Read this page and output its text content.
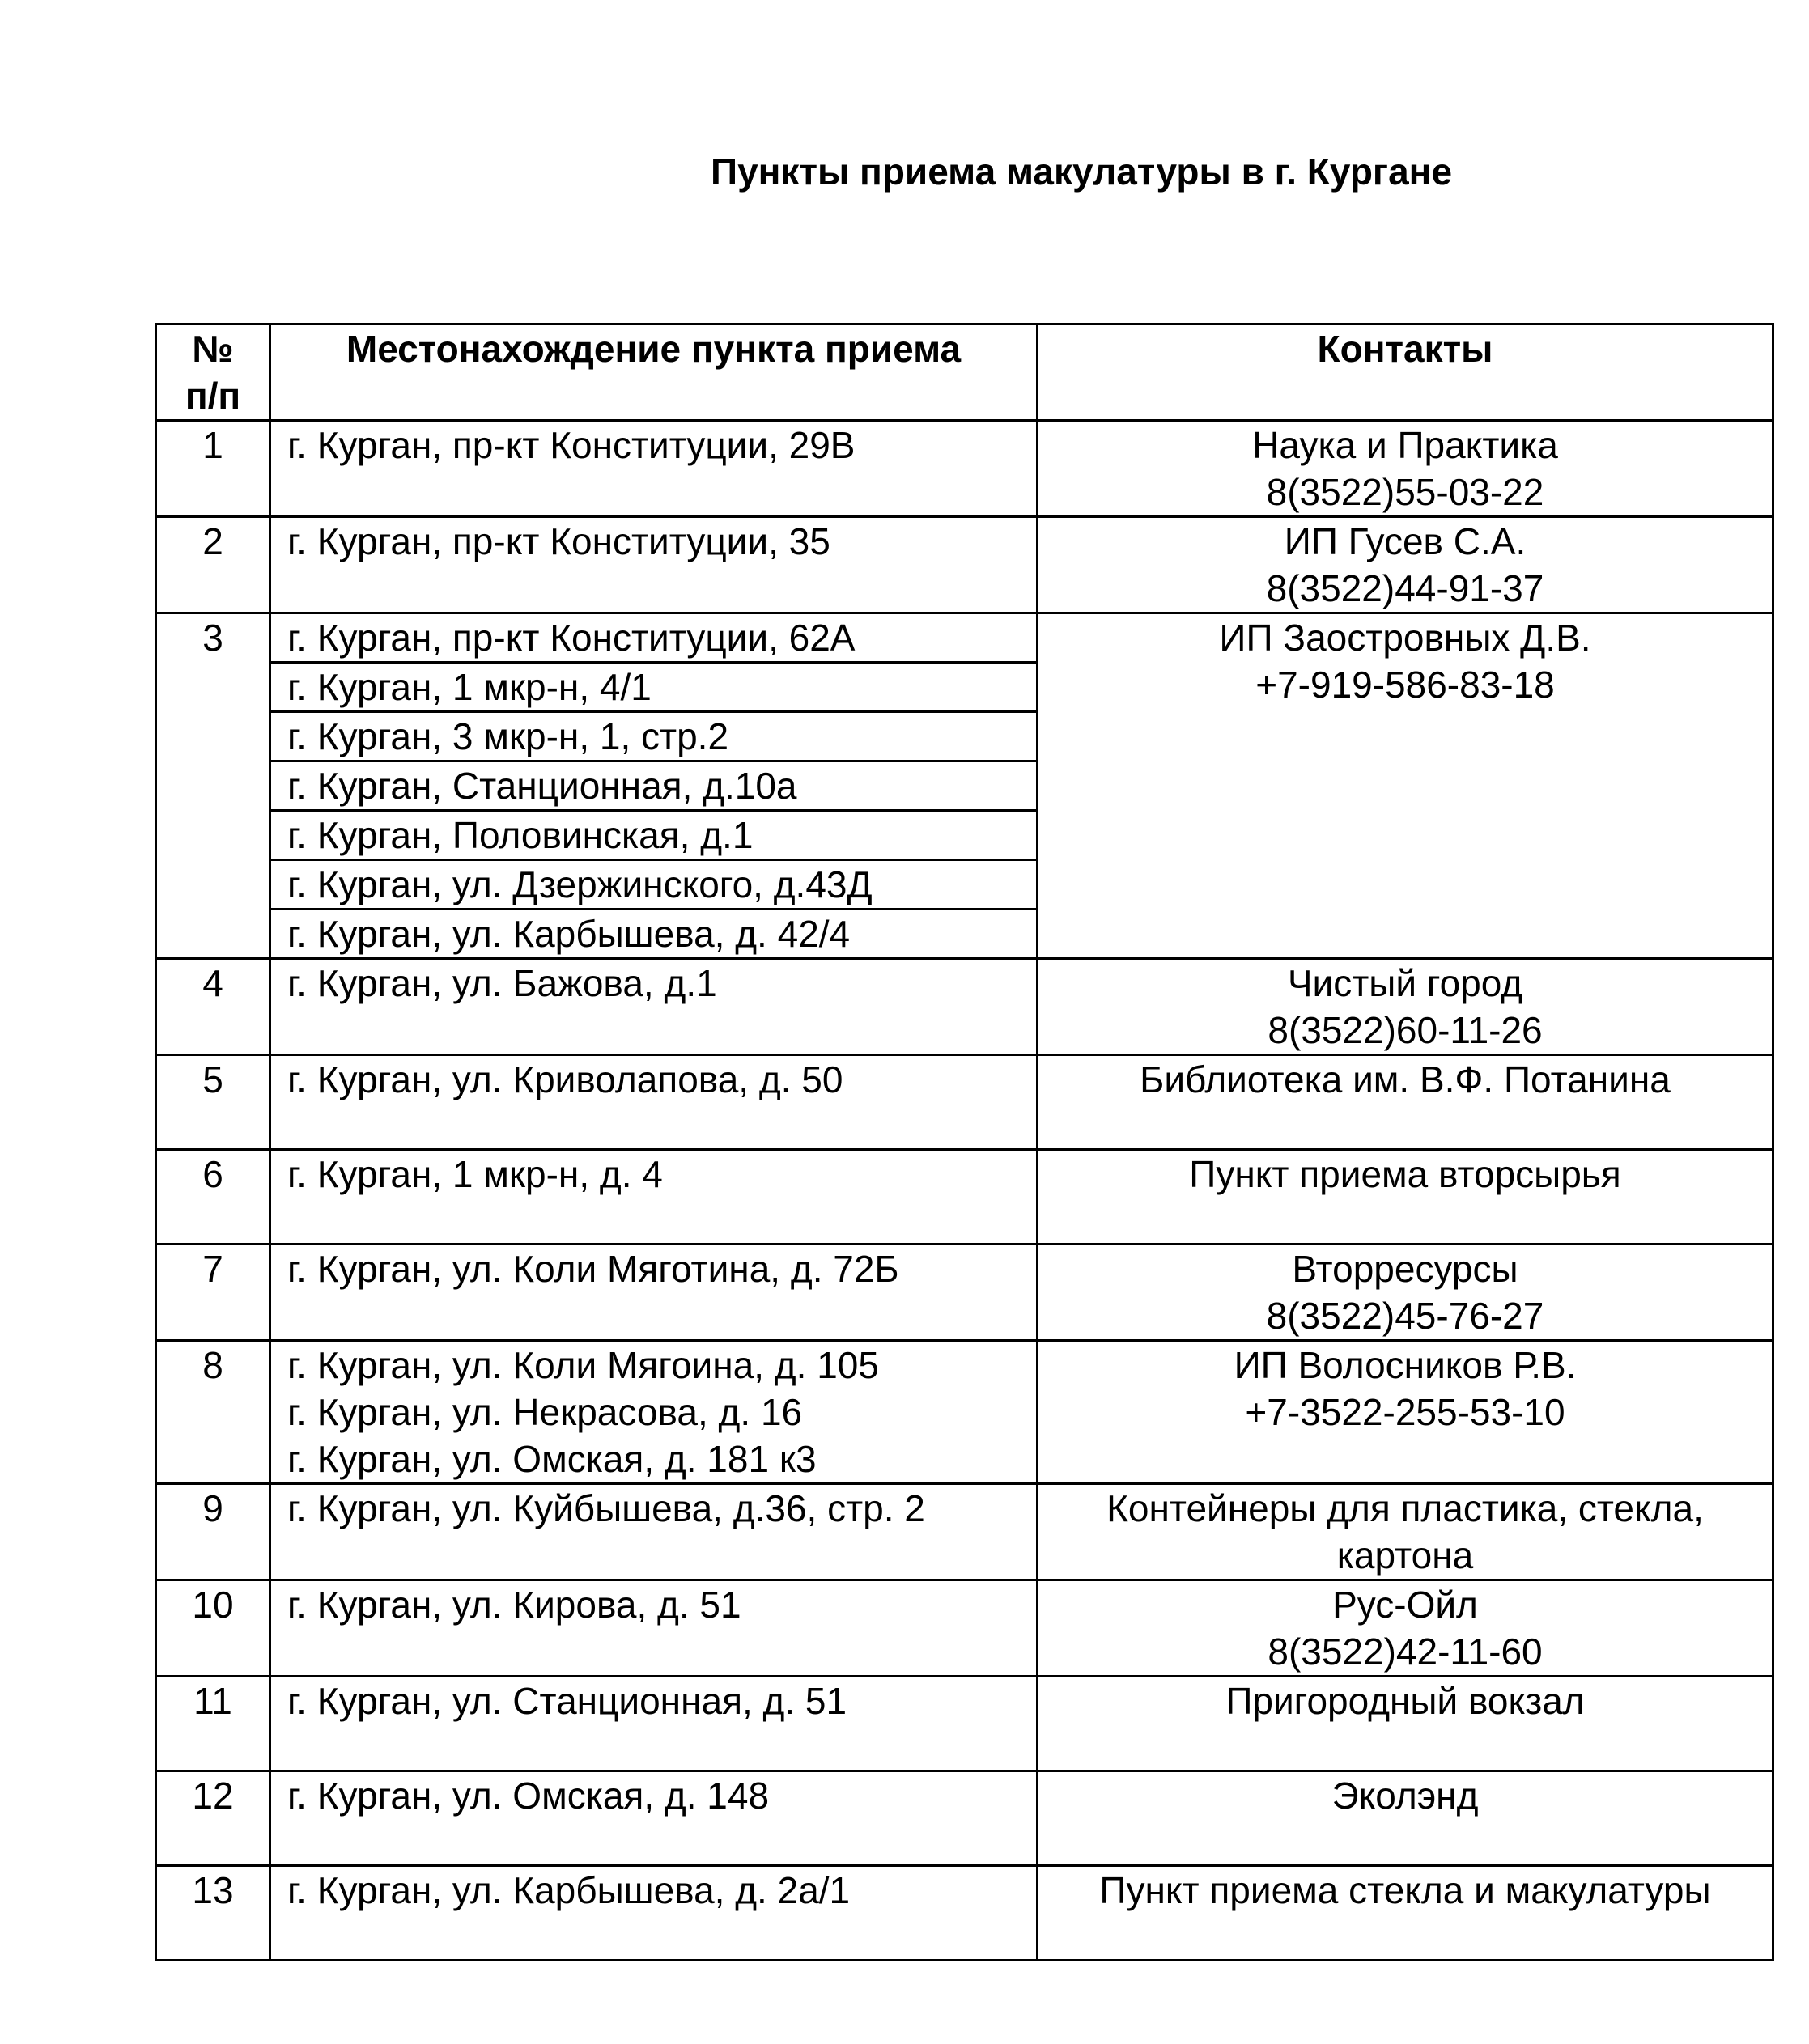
Пункты приема макулатуры в г. Кургане
№
п/п	Местонахождение пункта приема	Контакты
1	г. Курган, пр-кт Конституции, 29В	Наука и Практика
8(3522)55-03-22

2	г. Курган, пр-кт Конституции, 35	ИП Гусев С.А.
8(3522)44-91-37

3	г. Курган, пр-кт Конституции, 62А	ИП Заостровных Д.В.
+7-919-586-83-18

	г. Курган, 1 мкр-н, 4/1	
	г. Курган, 3 мкр-н, 1, стр.2	
	г. Курган, Станционная, д.10а	
	г. Курган, Половинская, д.1	
	г. Курган, ул. Дзержинского, д.43Д	
	г. Курган, ул. Карбышева, д. 42/4	
4	г. Курган, ул. Бажова, д.1	Чистый город
8(3522)60-11-26

5	г. Курган, ул. Криволапова, д. 50	Библиотека им. В.Ф. Потанина

6	г. Курган, 1 мкр-н, д. 4	Пункт приема вторсырья

7	г. Курган, ул. Коли Мяготина, д. 72Б	Вторресурсы
8(3522)45-76-27

8	г. Курган, ул. Коли Мягоина, д. 105
г. Курган, ул. Некрасова, д. 16
г. Курган, ул. Омская, д. 181 к3	ИП Волосников Р.В.
+7-3522-255-53-10

9	г. Курган, ул. Куйбышева, д.36, стр. 2	Контейнеры для пластика, стекла,
картона

10	г. Курган, ул. Кирова, д. 51	Рус-Ойл
8(3522)42-11-60

11	г. Курган, ул. Станционная, д. 51	Пригородный вокзал

12	г. Курган, ул. Омская, д. 148	Эколэнд

13	г. Курган, ул. Карбышева, д. 2а/1	Пункт приема стекла и макулатуры
